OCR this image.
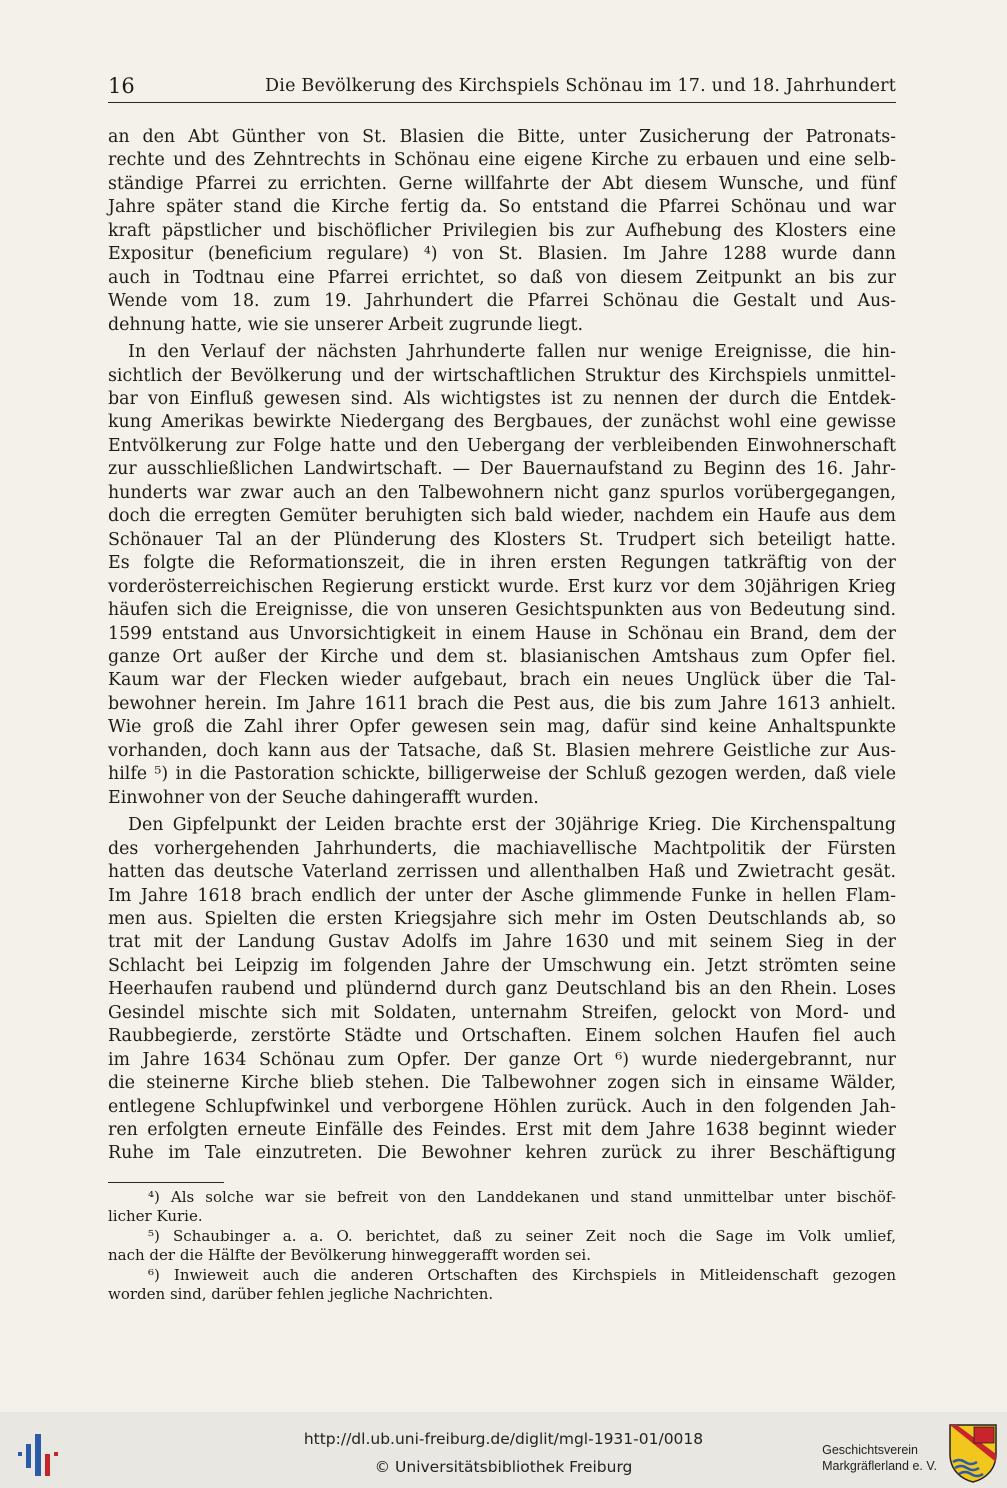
16	Die Bevölkerung des Kirchspiels Schönau im 17. und 18. Jahrhundert
an den Abt Günther von St. Blasien die Bitte, unter Zusicherung der Patronats-
rechte und des Zehntrechts in Schönau eine eigene Kirche zu erbauen und eine selb-
ständige Pfarrei zu errichten. Gerne willfahrte der Abt diesem Wunsche, und fünf
Jahre später stand die Kirche fertig da. So entstand die Pfarrei Schönau und war
kraft päpstlicher und bischöflicher Privilegien bis zur Aufhebung des Klosters eine
Expositur (beneficium regulare) ⁴) von St. Blasien. Im Jahre 1288 wurde dann
auch in Todtnau eine Pfarrei errichtet, so daß von diesem Zeitpunkt an bis zur
Wende vom 18. zum 19. Jahrhundert die Pfarrei Schönau die Gestalt und Aus-
dehnung hatte, wie sie unserer Arbeit zugrunde liegt.
In den Verlauf der nächsten Jahrhunderte fallen nur wenige Ereignisse, die hin-
sichtlich der Bevölkerung und der wirtschaftlichen Struktur des Kirchspiels unmittel-
bar von Einfluß gewesen sind. Als wichtigstes ist zu nennen der durch die Entdek-
kung Amerikas bewirkte Niedergang des Bergbaues, der zunächst wohl eine gewisse
Entvölkerung zur Folge hatte und den Uebergang der verbleibenden Einwohnerschaft
zur ausschließlichen Landwirtschaft. — Der Bauernaufstand zu Beginn des 16. Jahr-
hunderts war zwar auch an den Talbewohnern nicht ganz spurlos vorübergegangen,
doch die erregten Gemüter beruhigten sich bald wieder, nachdem ein Haufe aus dem
Schönauer Tal an der Plünderung des Klosters St. Trudpert sich beteiligt hatte.
Es folgte die Reformationszeit, die in ihren ersten Regungen tatkräftig von der
vorderösterreichischen Regierung erstickt wurde. Erst kurz vor dem 30jährigen Krieg
häufen sich die Ereignisse, die von unseren Gesichtspunkten aus von Bedeutung sind.
1599 entstand aus Unvorsichtigkeit in einem Hause in Schönau ein Brand, dem der
ganze Ort außer der Kirche und dem st. blasianischen Amtshaus zum Opfer fiel.
Kaum war der Flecken wieder aufgebaut, brach ein neues Unglück über die Tal-
bewohner herein. Im Jahre 1611 brach die Pest aus, die bis zum Jahre 1613 anhielt.
Wie groß die Zahl ihrer Opfer gewesen sein mag, dafür sind keine Anhaltspunkte
vorhanden, doch kann aus der Tatsache, daß St. Blasien mehrere Geistliche zur Aus-
hilfe ⁵) in die Pastoration schickte, billigerweise der Schluß gezogen werden, daß viele
Einwohner von der Seuche dahingerafft wurden.
Den Gipfelpunkt der Leiden brachte erst der 30jährige Krieg. Die Kirchenspaltung
des vorhergehenden Jahrhunderts, die machiavellische Machtpolitik der Fürsten
hatten das deutsche Vaterland zerrissen und allenthalben Haß und Zwietracht gesät.
Im Jahre 1618 brach endlich der unter der Asche glimmende Funke in hellen Flam-
men aus. Spielten die ersten Kriegsjahre sich mehr im Osten Deutschlands ab, so
trat mit der Landung Gustav Adolfs im Jahre 1630 und mit seinem Sieg in der
Schlacht bei Leipzig im folgenden Jahre der Umschwung ein. Jetzt strömten seine
Heerhaufen raubend und plündernd durch ganz Deutschland bis an den Rhein. Loses
Gesindel mischte sich mit Soldaten, unternahm Streifen, gelockt von Mord- und
Raubbegierde, zerstörte Städte und Ortschaften. Einem solchen Haufen fiel auch
im Jahre 1634 Schönau zum Opfer. Der ganze Ort ⁶) wurde niedergebrannt, nur
die steinerne Kirche blieb stehen. Die Talbewohner zogen sich in einsame Wälder,
entlegene Schlupfwinkel und verborgene Höhlen zurück. Auch in den folgenden Jah-
ren erfolgten erneute Einfälle des Feindes. Erst mit dem Jahre 1638 beginnt wieder
Ruhe im Tale einzutreten. Die Bewohner kehren zurück zu ihrer Beschäftigung
⁴) Als solche war sie befreit von den Landdekanen und stand unmittelbar unter bischöf-
licher Kurie.
⁵) Schaubinger a. a. O. berichtet, daß zu seiner Zeit noch die Sage im Volk umlief,
nach der die Hälfte der Bevölkerung hinweggerafft worden sei.
⁶) Inwieweit auch die anderen Ortschaften des Kirchspiels in Mitleidenschaft gezogen
worden sind, darüber fehlen jegliche Nachrichten.
http://dl.ub.uni-freiburg.de/diglit/mgl-1931-01/0018
© Universitätsbibliothek Freiburg
Geschichtsverein
Markgräflerland e. V.
